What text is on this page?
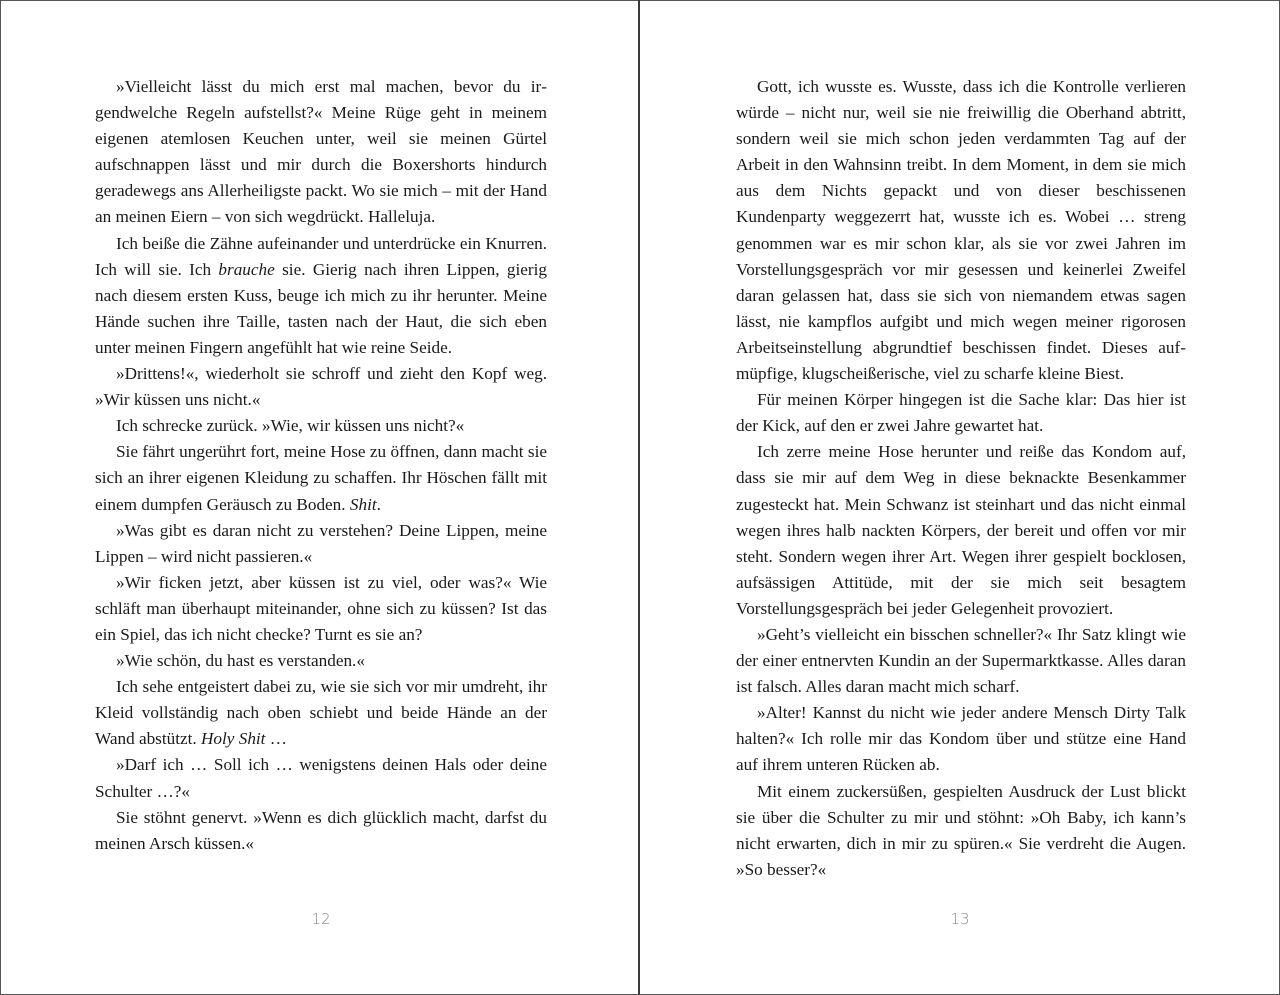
»Vielleicht lässt du mich erst mal machen, bevor du irgendwelche Regeln aufstellst?« Meine Rüge geht in meinem eigenen atemlosen Keuchen unter, weil sie meinen Gürtel aufschnappen lässt und mir durch die Boxershorts hindurch geradewegs ans Allerheiligste packt. Wo sie mich – mit der Hand an meinen Eiern – von sich wegdrückt. Halleluja.

Ich beiße die Zähne aufeinander und unterdrücke ein Knurren. Ich will sie. Ich brauche sie. Gierig nach ihren Lippen, gierig nach diesem ersten Kuss, beuge ich mich zu ihr herunter. Meine Hände suchen ihre Taille, tasten nach der Haut, die sich eben unter meinen Fingern angefühlt hat wie reine Seide.

»Drittens!«, wiederholt sie schroff und zieht den Kopf weg. »Wir küssen uns nicht.«

Ich schrecke zurück. »Wie, wir küssen uns nicht?«

Sie fährt ungerührt fort, meine Hose zu öffnen, dann macht sie sich an ihrer eigenen Kleidung zu schaffen. Ihr Höschen fällt mit einem dumpfen Geräusch zu Boden. Shit.

»Was gibt es daran nicht zu verstehen? Deine Lippen, meine Lippen – wird nicht passieren.«

»Wir ficken jetzt, aber küssen ist zu viel, oder was?« Wie schläft man überhaupt miteinander, ohne sich zu küssen? Ist das ein Spiel, das ich nicht checke? Turnt es sie an?

»Wie schön, du hast es verstanden.«

Ich sehe entgeistert dabei zu, wie sie sich vor mir umdreht, ihr Kleid vollständig nach oben schiebt und beide Hände an der Wand abstützt. Holy Shit …

»Darf ich … Soll ich … wenigstens deinen Hals oder deine Schulter …?«

Sie stöhnt genervt. »Wenn es dich glücklich macht, darfst du meinen Arsch küssen.«

12

Gott, ich wusste es. Wusste, dass ich die Kontrolle verlieren würde – nicht nur, weil sie nie freiwillig die Oberhand abtritt, sondern weil sie mich schon jeden verdammten Tag auf der Arbeit in den Wahnsinn treibt. In dem Moment, in dem sie mich aus dem Nichts gepackt und von dieser beschissenen Kundenparty weggezerrt hat, wusste ich es. Wobei … streng genommen war es mir schon klar, als sie vor zwei Jahren im Vorstellungsgespräch vor mir gesessen und keinerlei Zweifel daran gelassen hat, dass sie sich von niemandem etwas sagen lässt, nie kampflos aufgibt und mich wegen meiner rigorosen Arbeitseinstellung abgrundtief beschissen findet. Dieses aufmüpfige, klugscheißerische, viel zu scharfe kleine Biest.

Für meinen Körper hingegen ist die Sache klar: Das hier ist der Kick, auf den er zwei Jahre gewartet hat.

Ich zerre meine Hose herunter und reiße das Kondom auf, dass sie mir auf dem Weg in diese beknackte Besenkammer zugesteckt hat. Mein Schwanz ist steinhart und das nicht einmal wegen ihres halb nackten Körpers, der bereit und offen vor mir steht. Sondern wegen ihrer Art. Wegen ihrer gespielt bocklosen, aufsässigen Attitüde, mit der sie mich seit besagtem Vorstellungsgespräch bei jeder Gelegenheit provoziert.

»Geht’s vielleicht ein bisschen schneller?« Ihr Satz klingt wie der einer entnervten Kundin an der Supermarktkasse. Alles daran ist falsch. Alles daran macht mich scharf.

»Alter! Kannst du nicht wie jeder andere Mensch Dirty Talk halten?« Ich rolle mir das Kondom über und stütze eine Hand auf ihrem unteren Rücken ab.

Mit einem zuckersüßen, gespielten Ausdruck der Lust blickt sie über die Schulter zu mir und stöhnt: »Oh Baby, ich kann’s nicht erwarten, dich in mir zu spüren.« Sie verdreht die Augen. »So besser?«

13
